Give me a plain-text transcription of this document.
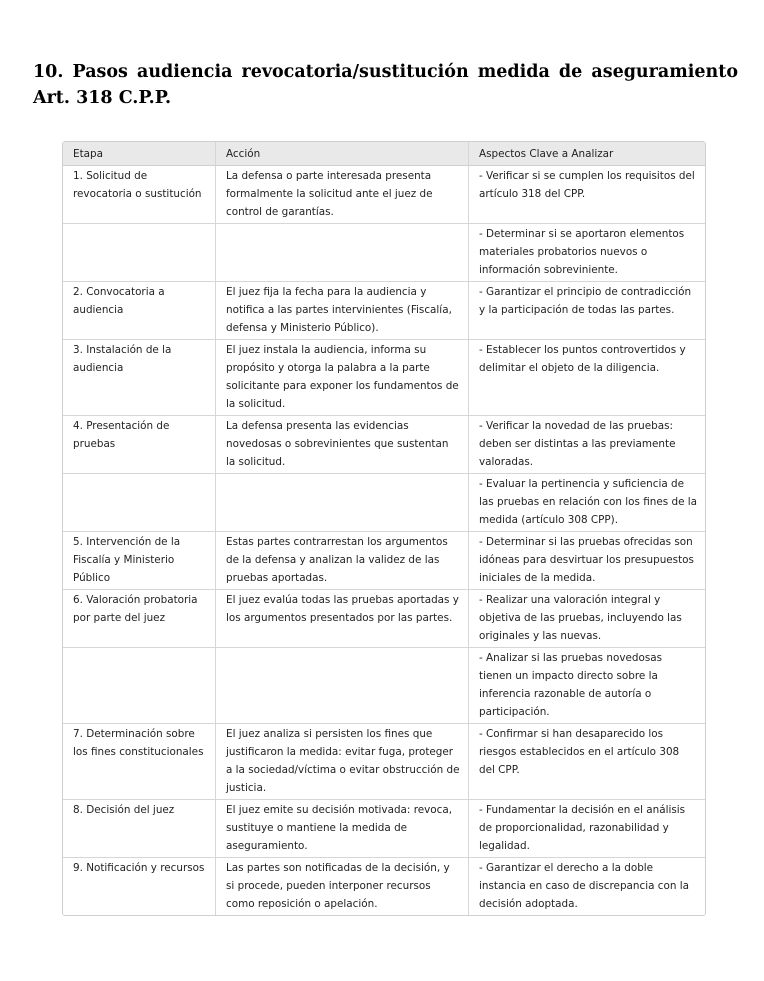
10. Pasos audiencia revocatoria/sustitución medida de aseguramiento Art. 318 C.P.P.
Etapa	Acción	Aspectos Clave a Analizar
1. Solicitud de revocatoria o sustitución	La defensa o parte interesada presenta formalmente la solicitud ante el juez de control de garantías.	- Verificar si se cumplen los requisitos del artículo 318 del CPP.
		- Determinar si se aportaron elementos materiales probatorios nuevos o información sobreviniente.
2. Convocatoria a audiencia	El juez fija la fecha para la audiencia y notifica a las partes intervinientes (Fiscalía, defensa y Ministerio Público).	- Garantizar el principio de contradicción y la participación de todas las partes.
3. Instalación de la audiencia	El juez instala la audiencia, informa su propósito y otorga la palabra a la parte solicitante para exponer los fundamentos de la solicitud.	- Establecer los puntos controvertidos y delimitar el objeto de la diligencia.
4. Presentación de pruebas	La defensa presenta las evidencias novedosas o sobrevinientes que sustentan la solicitud.	- Verificar la novedad de las pruebas: deben ser distintas a las previamente valoradas.
		- Evaluar la pertinencia y suficiencia de las pruebas en relación con los fines de la medida (artículo 308 CPP).
5. Intervención de la Fiscalía y Ministerio Público	Estas partes contrarrestan los argumentos de la defensa y analizan la validez de las pruebas aportadas.	- Determinar si las pruebas ofrecidas son idóneas para desvirtuar los presupuestos iniciales de la medida.
6. Valoración probatoria por parte del juez	El juez evalúa todas las pruebas aportadas y los argumentos presentados por las partes.	- Realizar una valoración integral y objetiva de las pruebas, incluyendo las originales y las nuevas.
		- Analizar si las pruebas novedosas tienen un impacto directo sobre la inferencia razonable de autoría o participación.
7. Determinación sobre los fines constitucionales	El juez analiza si persisten los fines que justificaron la medida: evitar fuga, proteger a la sociedad/víctima o evitar obstrucción de justicia.	- Confirmar si han desaparecido los riesgos establecidos en el artículo 308 del CPP.
8. Decisión del juez	El juez emite su decisión motivada: revoca, sustituye o mantiene la medida de aseguramiento.	- Fundamentar la decisión en el análisis de proporcionalidad, razonabilidad y legalidad.
9. Notificación y recursos	Las partes son notificadas de la decisión, y si procede, pueden interponer recursos como reposición o apelación.	- Garantizar el derecho a la doble instancia en caso de discrepancia con la decisión adoptada.
